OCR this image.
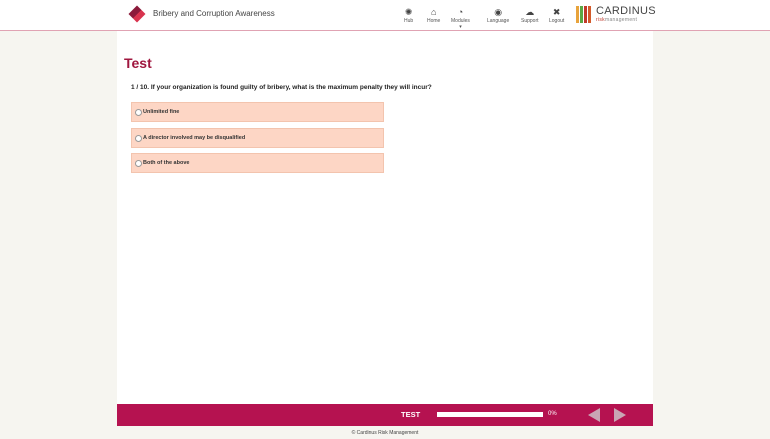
Bribery and Corruption Awareness	✺
Hub
⌂
Home
◔
Modules ▾
◉
Language
☁
Support
✖
Logout
CARDINUS
riskmanagement
Test
1 / 10. If your organization is found guilty of bribery, what is the maximum penalty they will incur?
Unlimited fine
A director involved may be disqualified
Both of the above
TEST	0%
© Cardinus Risk Management
